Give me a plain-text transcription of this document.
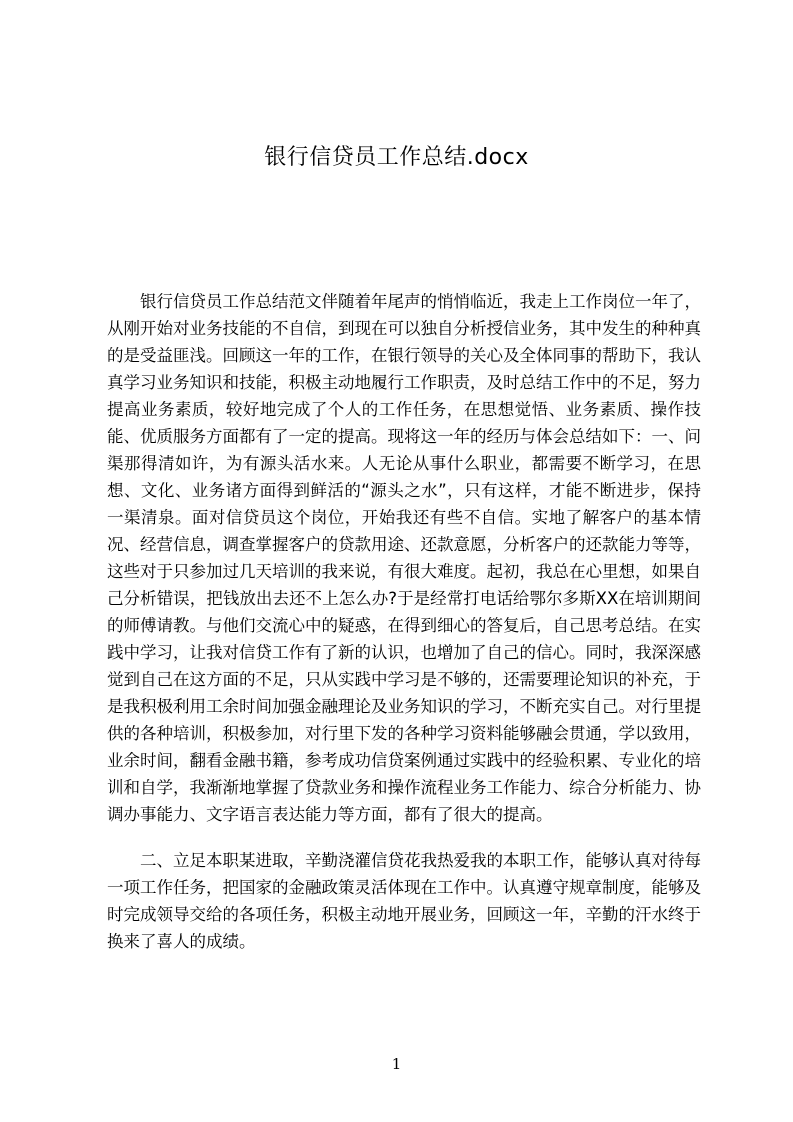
银行信贷员工作总结.docx

银行信贷员工作总结范文伴随着年尾声的悄悄临近，我走上工作岗位一年了，从刚开始对业务技能的不自信，到现在可以独自分析授信业务，其中发生的种种真的是受益匪浅。回顾这一年的工作，在银行领导的关心及全体同事的帮助下，我认真学习业务知识和技能，积极主动地履行工作职责，及时总结工作中的不足，努力提高业务素质，较好地完成了个人的工作任务，在思想觉悟、业务素质、操作技能、优质服务方面都有了一定的提高。现将这一年的经历与体会总结如下：一、问渠那得清如许，为有源头活水来。人无论从事什么职业，都需要不断学习，在思想、文化、业务诸方面得到鲜活的“源头之水”，只有这样，才能不断进步，保持一渠清泉。面对信贷员这个岗位，开始我还有些不自信。实地了解客户的基本情况、经营信息，调查掌握客户的贷款用途、还款意愿，分析客户的还款能力等等，这些对于只参加过几天培训的我来说，有很大难度。起初，我总在心里想，如果自己分析错误，把钱放出去还不上怎么办?于是经常打电话给鄂尔多斯XX在培训期间的师傅请教。与他们交流心中的疑惑，在得到细心的答复后，自己思考总结。在实践中学习，让我对信贷工作有了新的认识，也增加了自己的信心。同时，我深深感觉到自己在这方面的不足，只从实践中学习是不够的，还需要理论知识的补充，于是我积极利用工余时间加强金融理论及业务知识的学习，不断充实自己。对行里提供的各种培训，积极参加，对行里下发的各种学习资料能够融会贯通，学以致用，业余时间，翻看金融书籍，参考成功信贷案例通过实践中的经验积累、专业化的培训和自学，我渐渐地掌握了贷款业务和操作流程业务工作能力、综合分析能力、协调办事能力、文字语言表达能力等方面，都有了很大的提高。

二、立足本职某进取，辛勤浇灌信贷花我热爱我的本职工作，能够认真对待每一项工作任务，把国家的金融政策灵活体现在工作中。认真遵守规章制度，能够及时完成领导交给的各项任务，积极主动地开展业务，回顾这一年，辛勤的汗水终于换来了喜人的成绩。

1
